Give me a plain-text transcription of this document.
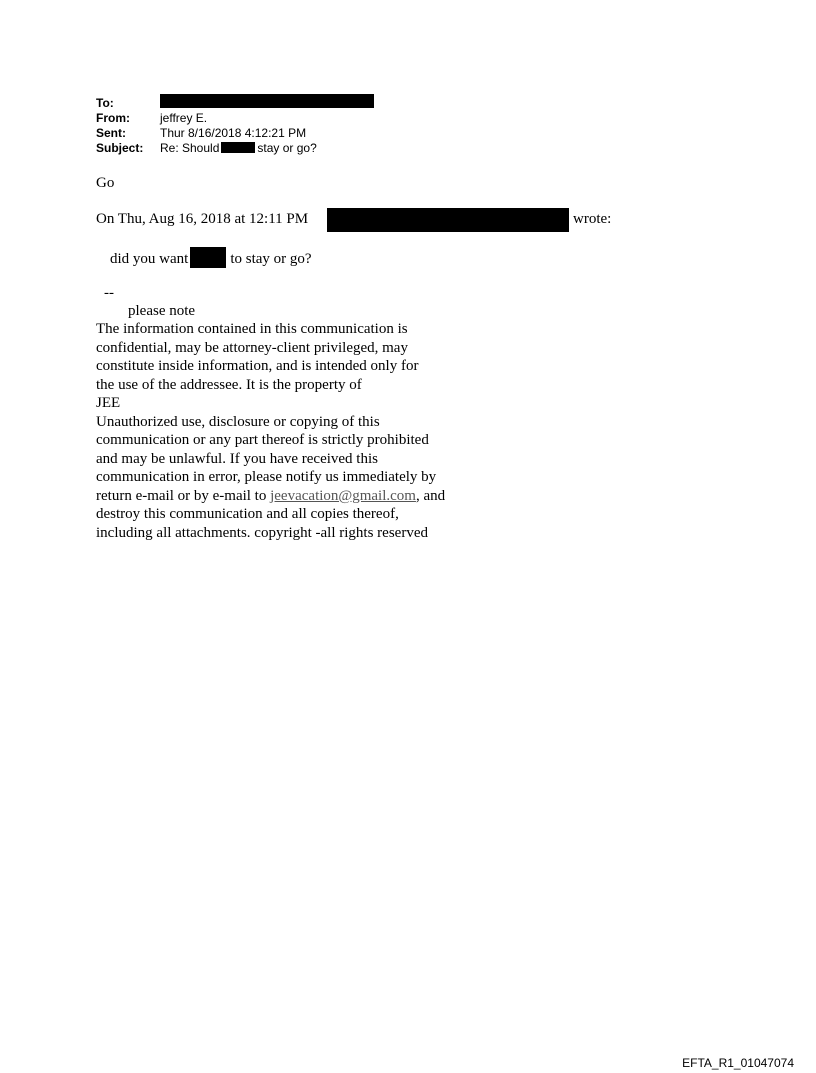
To:
From:	jeffrey E.
Sent:	Thur 8/16/2018 4:12:21 PM
Subject: Re: Should	stay or go?
Go
On Thu, Aug 16, 2018 at 12:11 PM	wrote:
did you want	to stay or go?
--
please note
The information contained in this communication is
confidential, may be attorney-client privileged, may
constitute inside information, and is intended only for
the use of the addressee. It is the property of
JEE
Unauthorized use, disclosure or copying of this
communication or any part thereof is strictly prohibited
and may be unlawful. If you have received this
communication in error, please notify us immediately by
return e-mail or by e-mail to jeevacation@gmail.com, and
destroy this communication and all copies thereof,
including all attachments. copyright -all rights reserved
EFTA_R1_01047074
